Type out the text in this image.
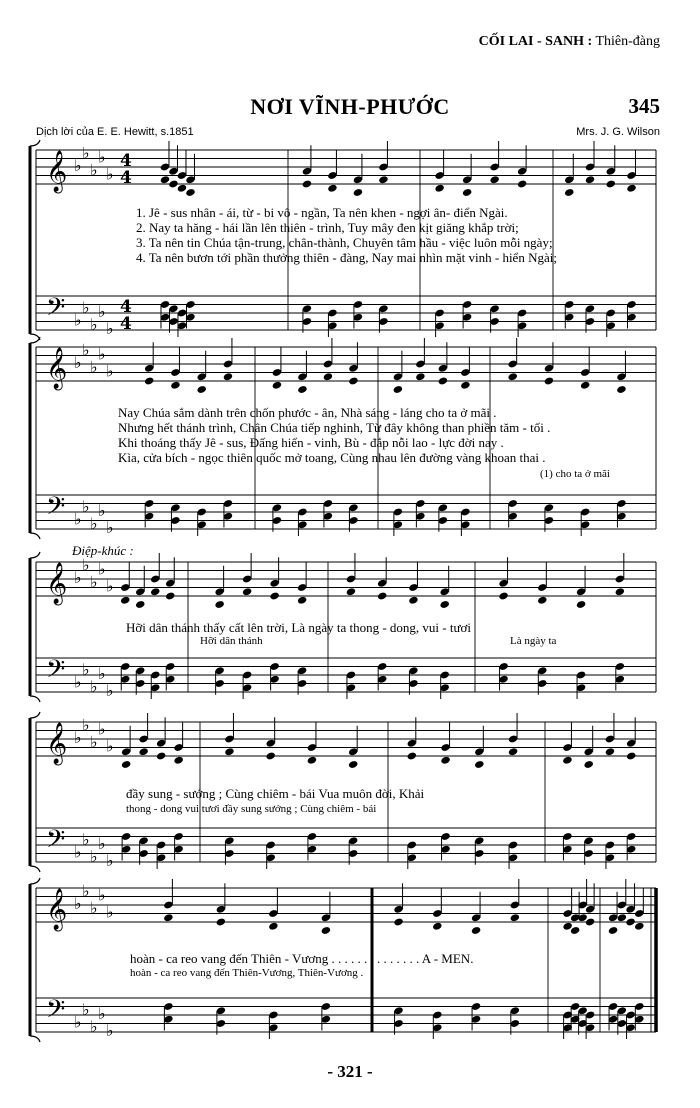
CỐI LAI - SANH : Thiên-đàng
NƠI VĨNH-PHƯỚC	345
Dịch lời của E. E. Hewitt, s.1851	Mrs. J. G. Wilson
𝄞
𝄢
♭
♭
♭
♭
♭
♭
♭
♭
♭
♭
4
4
4
4
𝄞
𝄢
♭
♭
♭
♭
♭
♭
♭
♭
♭
♭
𝄞
𝄢
♭
♭
♭
♭
♭
♭
♭
♭
♭
♭
𝄞
𝄢
♭
♭
♭
♭
♭
♭
♭
♭
♭
♭
𝄞
𝄢
♭
♭
♭
♭
♭
♭
♭
♭
♭
♭
1. Jê - sus nhân - ái, từ - bi vô - ngần, Ta nên khen - ngợi ân- điển Ngài.
2. Nay ta hăng - hái lần lên thiên - trình, Tuy mây đen kịt giăng khắp trời;
3. Ta nên tin Chúa tận-trung, chân-thành, Chuyên tâm hầu - việc luôn mỗi ngày;
4. Ta nên bươn tới phần thưởng thiên - đàng, Nay mai nhìn mặt vinh - hiển Ngài;
Nay Chúa sắm dành trên chốn phước - ân, Nhà sáng - láng cho ta ở mãi .
Nhưng hết thánh trình, Chân Chúa tiếp nghinh, Từ đây không than phiền tăm - tối .
Khi thoáng thấy Jê - sus, Đấng hiển - vinh, Bù - đắp nỗi lao - lực đời nay .
Kìa, cửa bích - ngọc thiên quốc mở toang, Cùng nhau lên đường vàng khoan thai .
(1) cho ta ở mãi
Điệp-khúc :
Hỡi dân thánh thấy cất lên trời, Là ngày ta thong - dong, vui - tươi
Hỡi dân thánh	Là ngày ta
đầy sung - sướng ; Cùng chiêm - bái Vua muôn đời, Khải
thong - dong vui tươi đầy sung sướng ; Cùng chiêm - bái
hoàn - ca reo vang đến Thiên - Vương . . . . . . . . . . . . . . A - MEN.
hoàn - ca reo vang đến Thiên-Vương, Thiên-Vương .
- 321 -
